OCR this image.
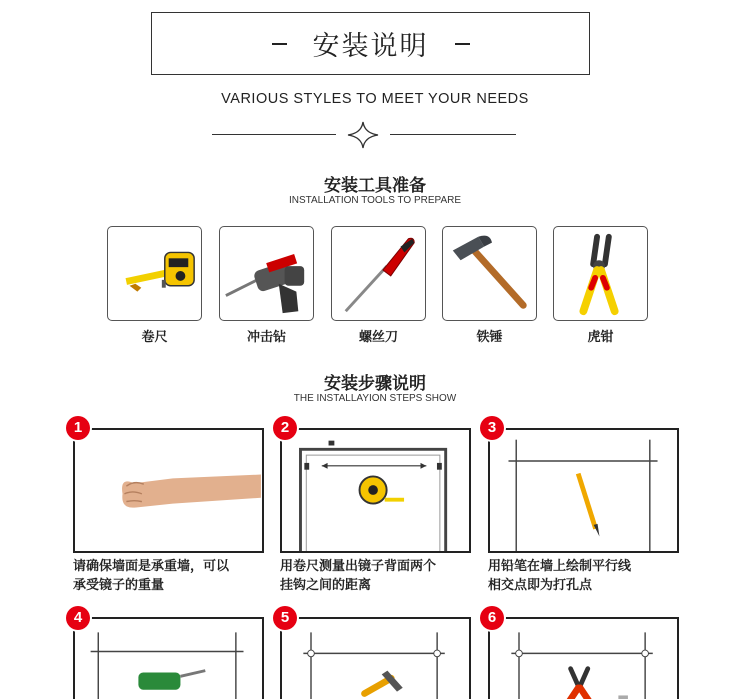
安装说明
VARIOUS STYLES TO MEET YOUR NEEDS
安装工具准备
INSTALLATION TOOLS TO PREPARE
卷尺	冲击钻	螺丝刀	铁锤	虎钳
安装步骤说明
THE INSTALLAYION STEPS SHOW
1
请确保墙面是承重墙，可以
承受镜子的重量
2
用卷尺测量出镜子背面两个
挂钩之间的距离
3
用铅笔在墙上绘制平行线
相交点即为打孔点
4	5	6
